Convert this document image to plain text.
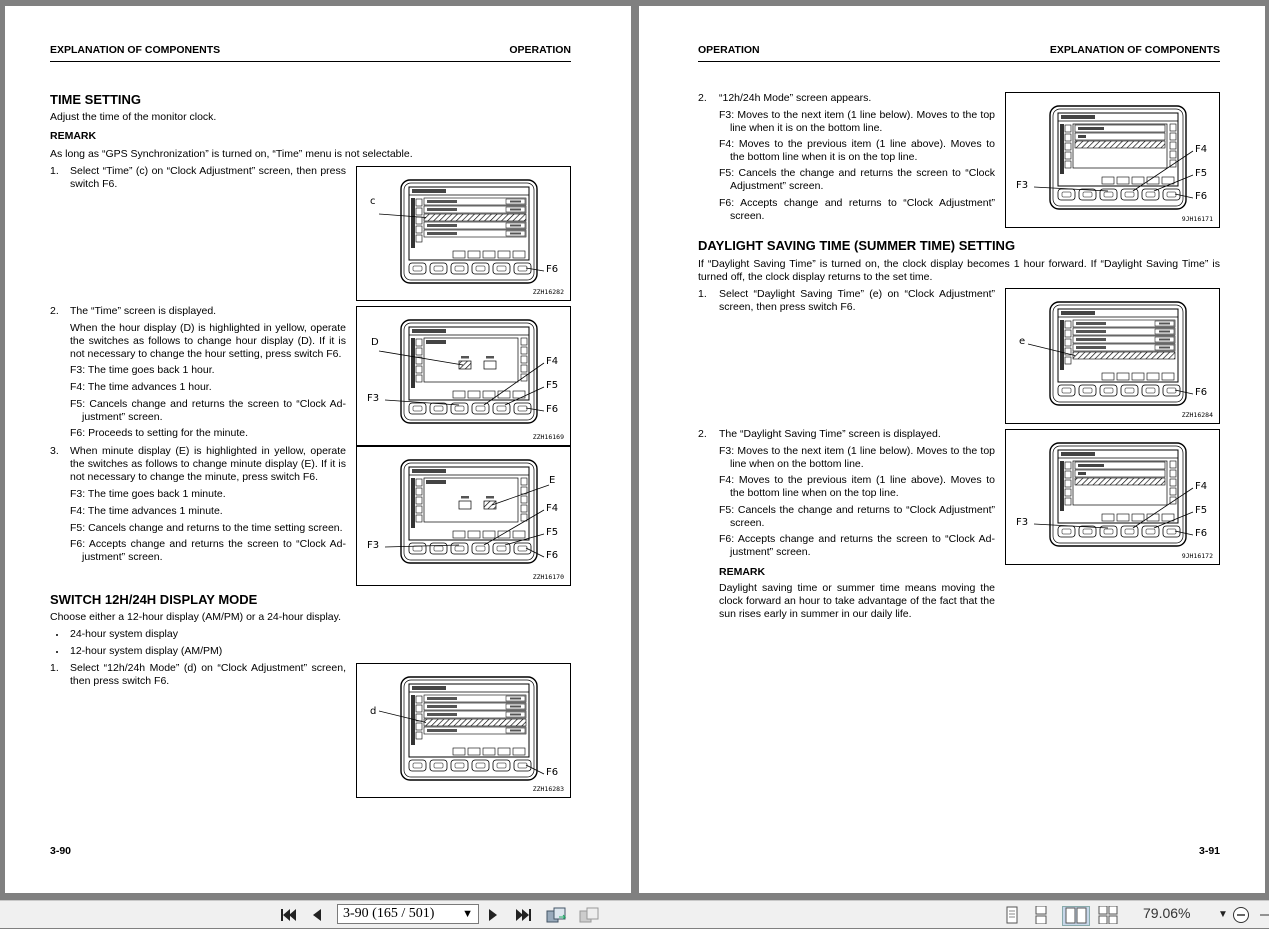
EXPLANATION OF COMPONENTS	OPERATION
TIME SETTING
Adjust the time of the monitor clock.
REMARK
As long as “GPS Synchronization” is turned on, “Time” menu is not selectable.
1. Select “Time” (c) on “Clock Adjustment” screen, then press switch F6.
2. The “Time” screen is displayed.
When the hour display (D) is highlighted in yellow, operate the switches as follows to change hour display (D). If it is not necessary to change the hour setting, press switch F6.
F3: The time goes back 1 hour.
F4: The time advances 1 hour.
F5: Cancels change and returns the screen to “Clock Ad-justment” screen.
F6: Proceeds to setting for the minute.
3. When minute display (E) is highlighted in yellow, operate the switches as follows to change minute display (E). If it is not necessary to change the minute, press switch F6.
F3: The time goes back 1 minute.
F4: The time advances 1 minute.
F5: Cancels change and returns to the time setting screen.
F6: Accepts change and returns the screen to “Clock Ad-justment” screen.
SWITCH 12H/24H DISPLAY MODE
Choose either a 12-hour display (AM/PM) or a 24-hour display.
24-hour system display
12-hour system display (AM/PM)
1. Select “12h/24h Mode” (d) on “Clock Adjustment” screen, then press switch F6.
F6
c
ZZH16282
F4
F5
F6
F3
D
ZZH16169
E
F4
F5
F6
F3
ZZH16170
F6
d
ZZH16283
3-90
OPERATION	EXPLANATION OF COMPONENTS
2. “12h/24h Mode” screen appears.
F3: Moves to the next item (1 line below). Moves to the top line when it is on the bottom line.
F4: Moves to the previous item (1 line above). Moves to the bottom line when it is on the top line.
F5: Cancels the change and returns the screen to “Clock Adjustment” screen.
F6: Accepts change and returns to “Clock Adjustment” screen.
DAYLIGHT SAVING TIME (SUMMER TIME) SETTING
If “Daylight Saving Time” is turned on, the clock display becomes 1 hour forward. If “Daylight Saving Time” is turned off, the clock display returns to the set time.
1. Select “Daylight Saving Time” (e) on “Clock Adjustment” screen, then press switch F6.
2. The “Daylight Saving Time” screen is displayed.
F3: Moves to the next item (1 line below). Moves to the top line when on the bottom line.
F4: Moves to the previous item (1 line above). Moves to the bottom line when on the top line.
F5: Cancels the change and returns to “Clock Adjustment” screen.
F6: Accepts change and returns the screen to “Clock Ad-justment” screen.
REMARK
Daylight saving time or summer time means moving the clock forward an hour to take advantage of the fact that the sun rises early in summer in our daily life.
F4
F5
F6
F3
9JH16171
F6
e
ZZH16284
F4
F5
F6
F3
9JH16172
3-91
3-90 (165 / 501)	▼	79.06%	▼
